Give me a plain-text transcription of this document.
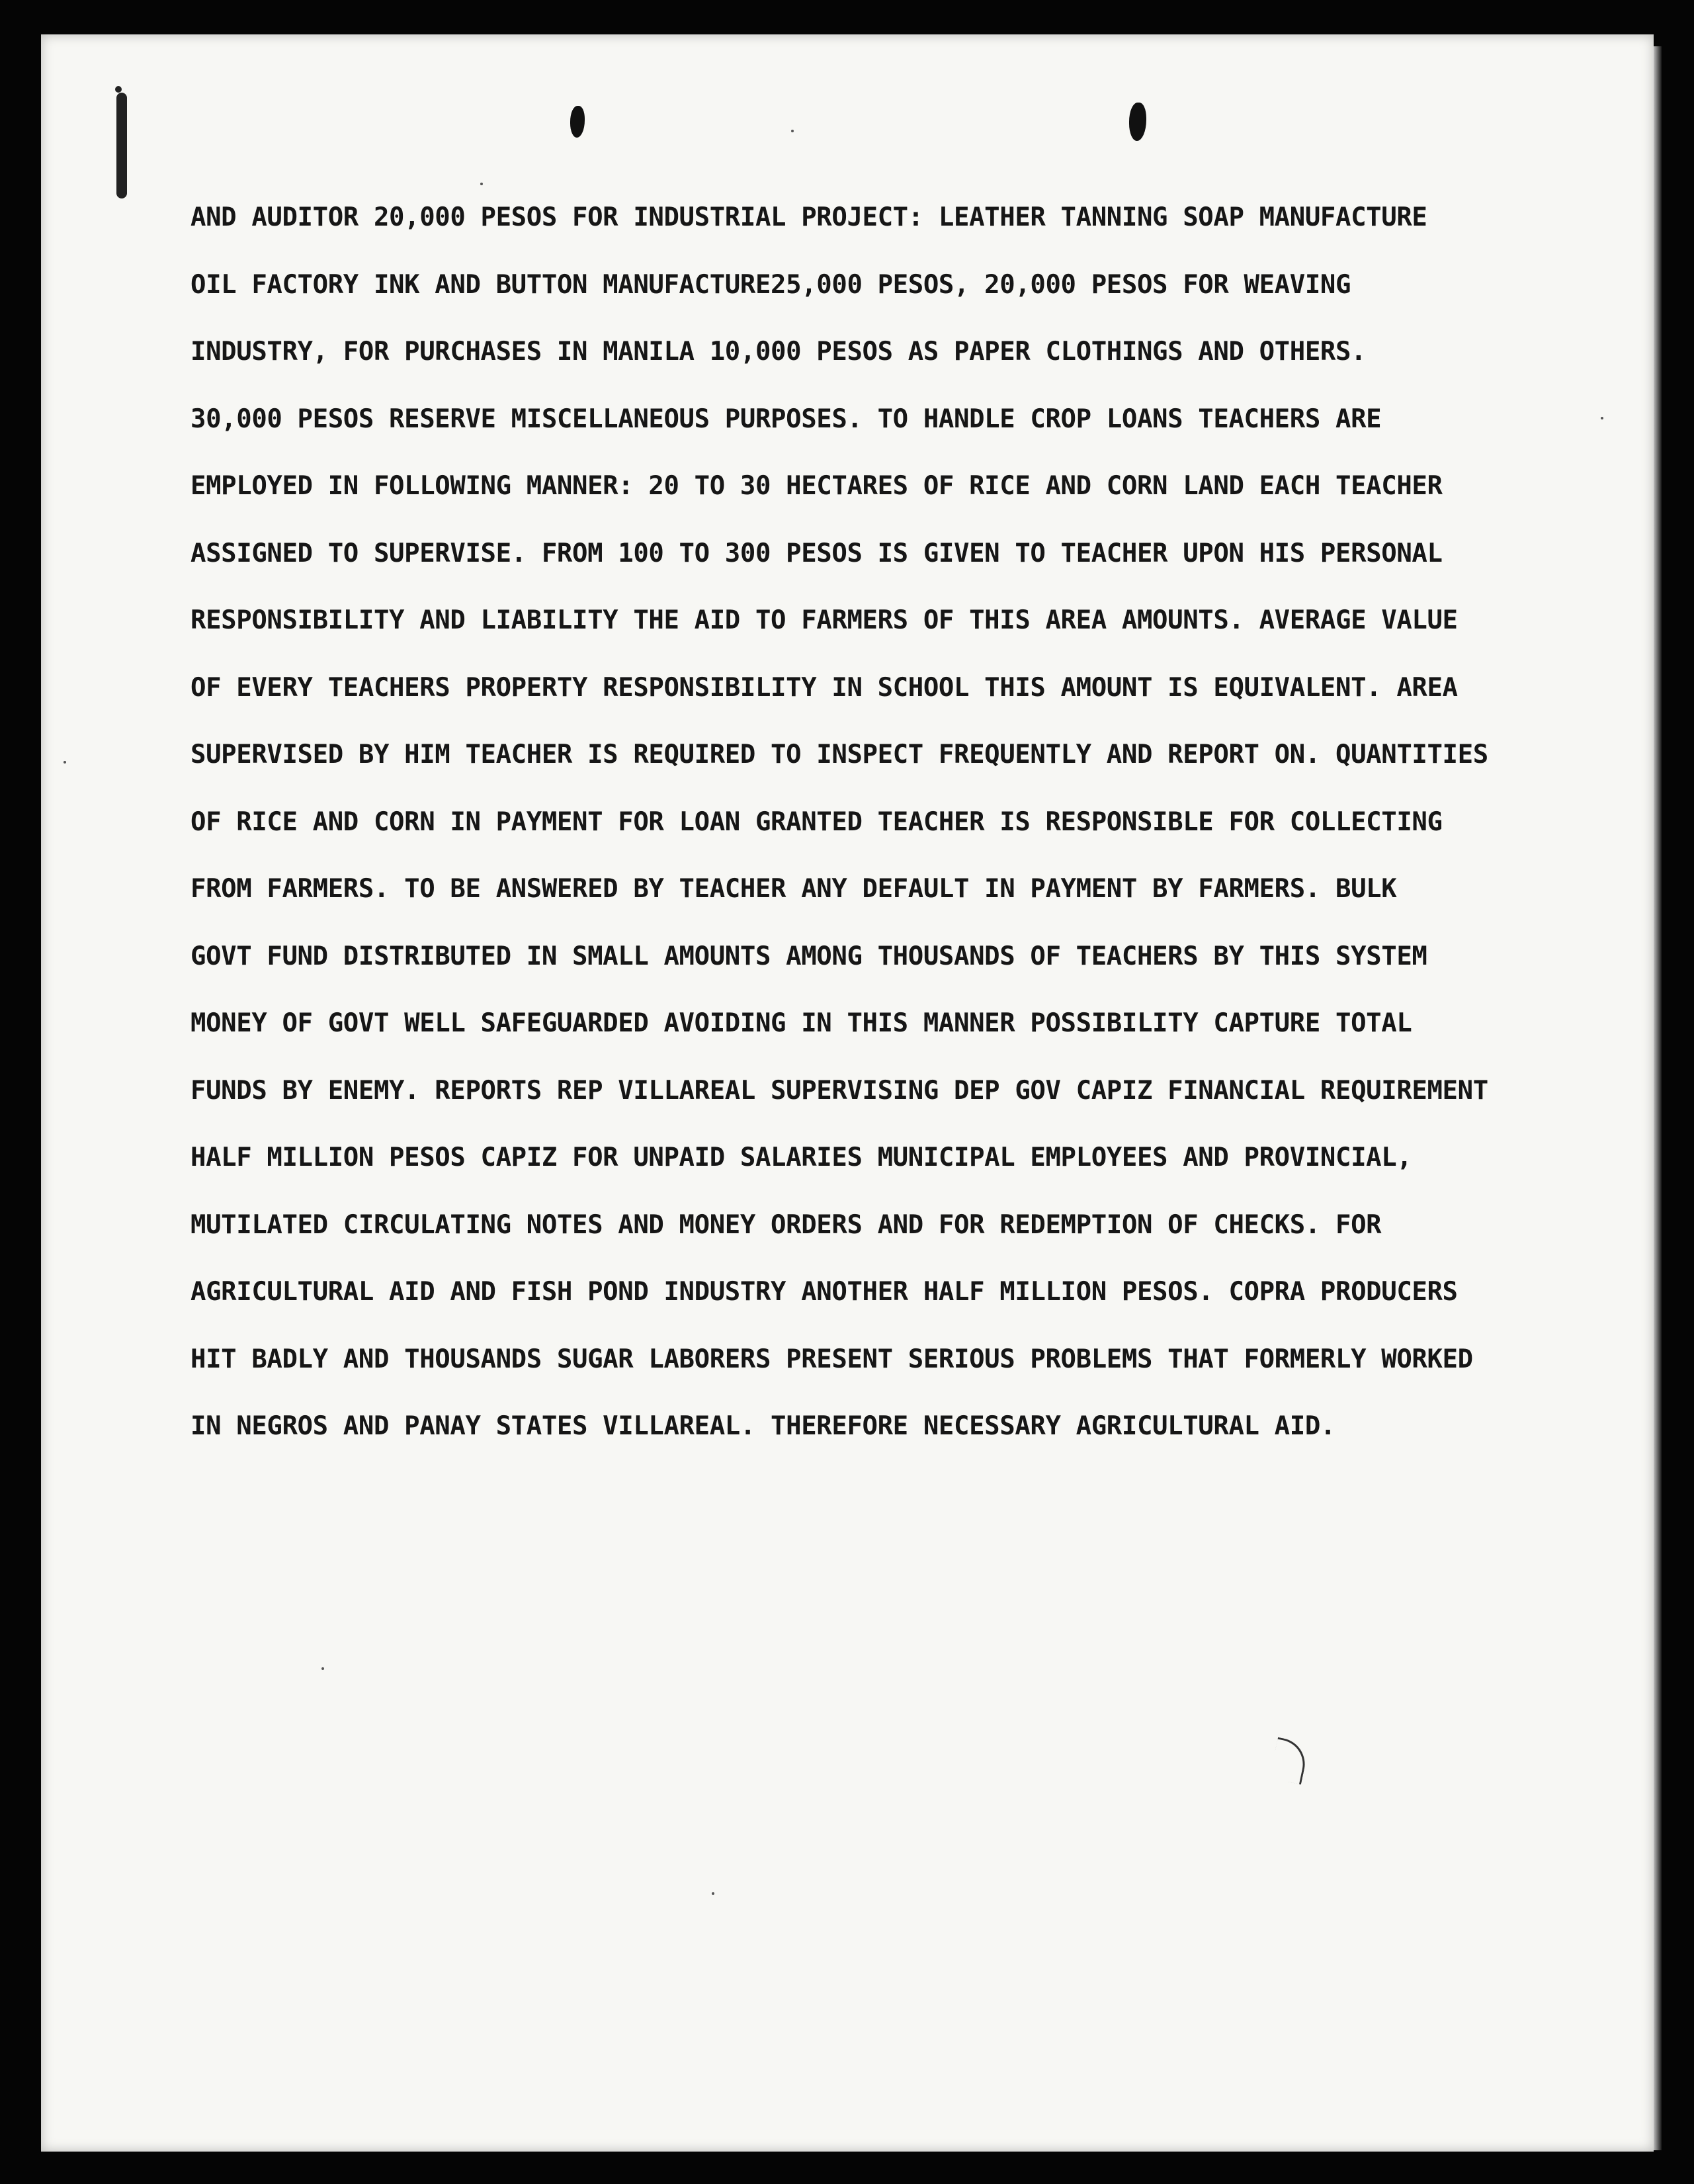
AND AUDITOR 20,000 PESOS FOR INDUSTRIAL PROJECT: LEATHER TANNING SOAP MANUFACTURE
OIL FACTORY INK AND BUTTON MANUFACTURE25,000 PESOS, 20,000 PESOS FOR WEAVING
INDUSTRY, FOR PURCHASES IN MANILA 10,000 PESOS AS PAPER CLOTHINGS AND OTHERS.
30,000 PESOS RESERVE MISCELLANEOUS PURPOSES. TO HANDLE CROP LOANS TEACHERS ARE
EMPLOYED IN FOLLOWING MANNER: 20 TO 30 HECTARES OF RICE AND CORN LAND EACH TEACHER
ASSIGNED TO SUPERVISE. FROM 100 TO 300 PESOS IS GIVEN TO TEACHER UPON HIS PERSONAL
RESPONSIBILITY AND LIABILITY THE AID TO FARMERS OF THIS AREA AMOUNTS. AVERAGE VALUE
OF EVERY TEACHERS PROPERTY RESPONSIBILITY IN SCHOOL THIS AMOUNT IS EQUIVALENT. AREA
SUPERVISED BY HIM TEACHER IS REQUIRED TO INSPECT FREQUENTLY AND REPORT ON. QUANTITIES
OF RICE AND CORN IN PAYMENT FOR LOAN GRANTED TEACHER IS RESPONSIBLE FOR COLLECTING
FROM FARMERS. TO BE ANSWERED BY TEACHER ANY DEFAULT IN PAYMENT BY FARMERS. BULK
GOVT FUND DISTRIBUTED IN SMALL AMOUNTS AMONG THOUSANDS OF TEACHERS BY THIS SYSTEM
MONEY OF GOVT WELL SAFEGUARDED AVOIDING IN THIS MANNER POSSIBILITY CAPTURE TOTAL
FUNDS BY ENEMY. REPORTS REP VILLAREAL SUPERVISING DEP GOV CAPIZ FINANCIAL REQUIREMENT
HALF MILLION PESOS CAPIZ FOR UNPAID SALARIES MUNICIPAL EMPLOYEES AND PROVINCIAL,
MUTILATED CIRCULATING NOTES AND MONEY ORDERS AND FOR REDEMPTION OF CHECKS. FOR
AGRICULTURAL AID AND FISH POND INDUSTRY ANOTHER HALF MILLION PESOS. COPRA PRODUCERS
HIT BADLY AND THOUSANDS SUGAR LABORERS PRESENT SERIOUS PROBLEMS THAT FORMERLY WORKED
IN NEGROS AND PANAY STATES VILLAREAL. THEREFORE NECESSARY AGRICULTURAL AID.
